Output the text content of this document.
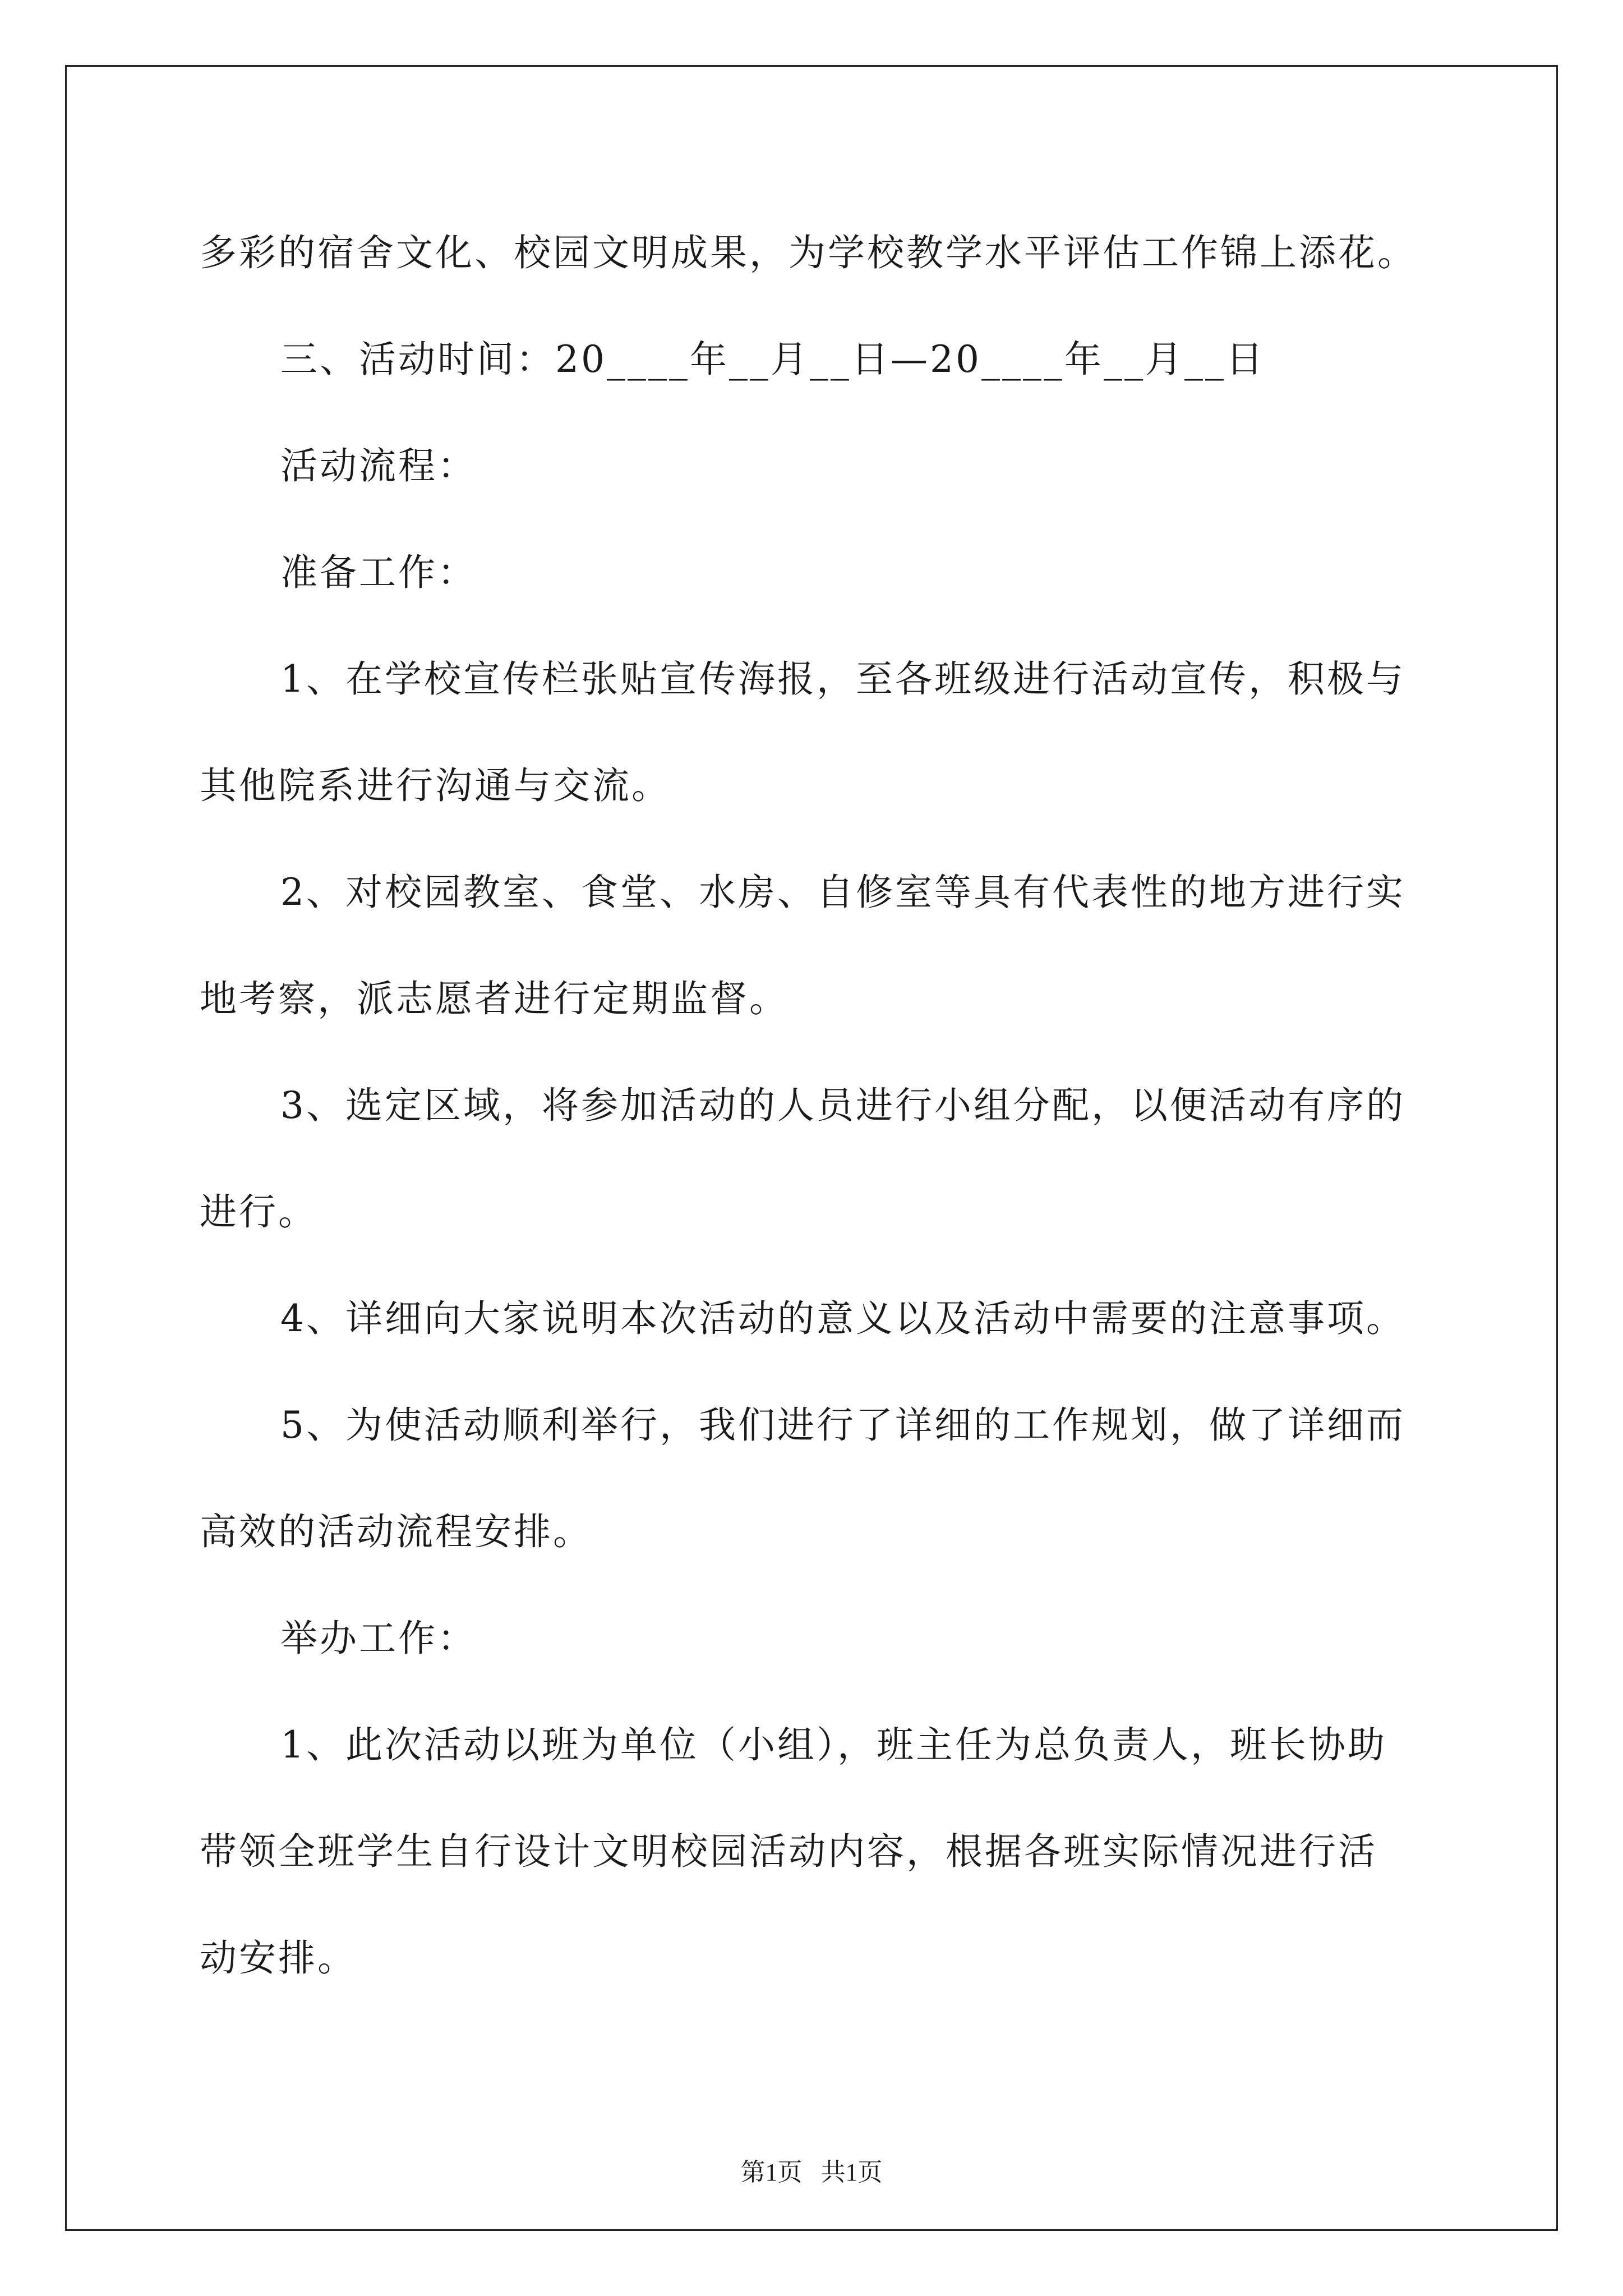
多彩的宿舍文化、校园文明成果，为学校教学水平评估工作锦上添花。
三、活动时间：20____年__月__日—20____年__月__日
活动流程：
准备工作：
1、在学校宣传栏张贴宣传海报，至各班级进行活动宣传，积极与
其他院系进行沟通与交流。
2、对校园教室、食堂、水房、自修室等具有代表性的地方进行实
地考察，派志愿者进行定期监督。
3、选定区域，将参加活动的人员进行小组分配，以便活动有序的
进行。
4、详细向大家说明本次活动的意义以及活动中需要的注意事项。
5、为使活动顺利举行，我们进行了详细的工作规划，做了详细而
高效的活动流程安排。
举办工作：
1、此次活动以班为单位（小组），班主任为总负责人，班长协助
带领全班学生自行设计文明校园活动内容，根据各班实际情况进行活
动安排。
第1页   共1页
